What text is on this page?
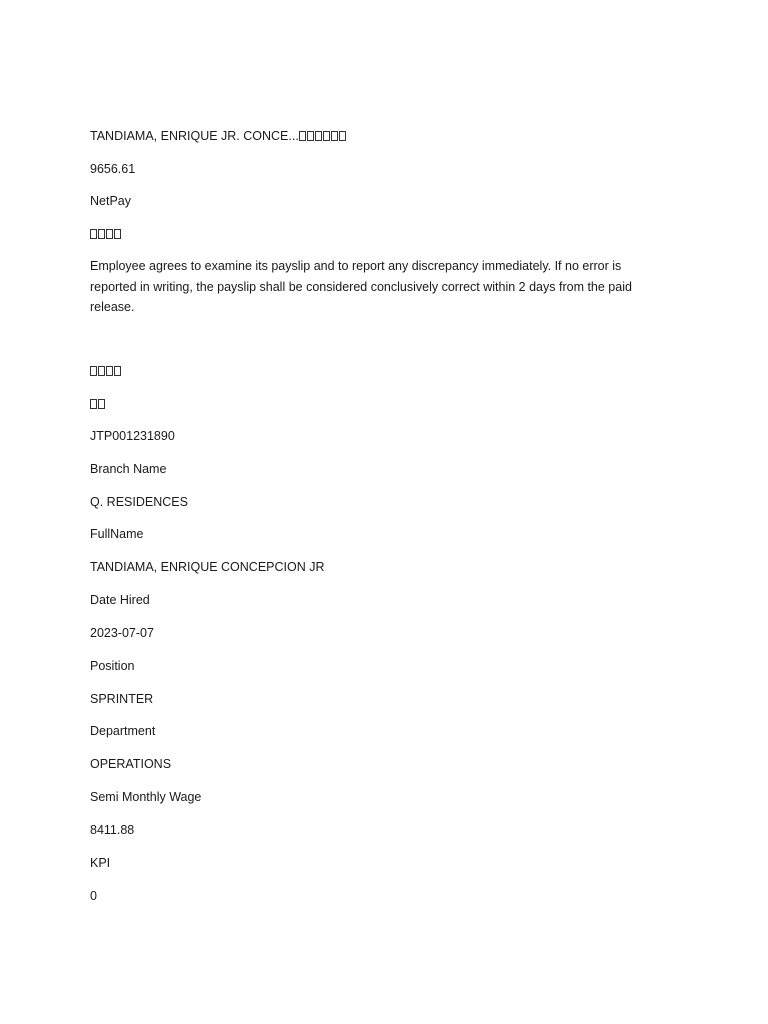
TANDIAMA, ENRIQUE JR. CONCE...
9656.61
NetPay
Employee agrees to examine its payslip and to report any discrepancy immediately. If no error is reported in writing, the payslip shall be considered conclusively correct within 2 days from the paid release.
JTP001231890
Branch Name
Q. RESIDENCES
FullName
TANDIAMA, ENRIQUE CONCEPCION JR
Date Hired
2023-07-07
Position
SPRINTER
Department
OPERATIONS
Semi Monthly Wage
8411.88
KPI
0
